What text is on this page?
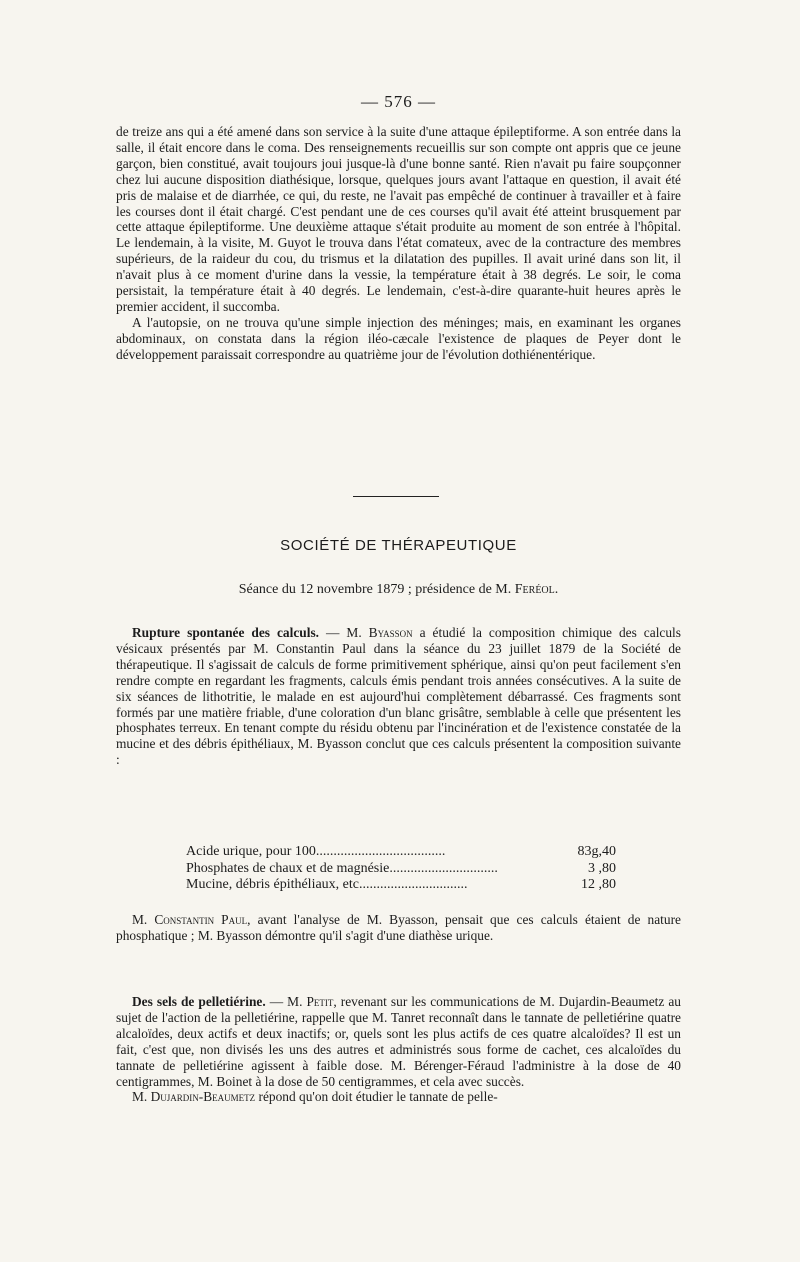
— 576 —

de treize ans qui a été amené dans son service à la suite d'une attaque épileptiforme. A son entrée dans la salle, il était encore dans le coma. Des renseignements recueillis sur son compte ont appris que ce jeune garçon, bien constitué, avait toujours joui jusque-là d'une bonne santé. Rien n'avait pu faire soupçonner chez lui aucune disposition diathésique, lorsque, quelques jours avant l'attaque en question, il avait été pris de malaise et de diarrhée, ce qui, du reste, ne l'avait pas empêché de continuer à travailler et à faire les courses dont il était chargé. C'est pendant une de ces courses qu'il avait été atteint brusquement par cette attaque épileptiforme. Une deuxième attaque s'était produite au moment de son entrée à l'hôpital. Le lendemain, à la visite, M. Guyot le trouva dans l'état comateux, avec de la contracture des membres supérieurs, de la raideur du cou, du trismus et la dilatation des pupilles. Il avait uriné dans son lit, il n'avait plus à ce moment d'urine dans la vessie, la température était à 38 degrés. Le soir, le coma persistait, la température était à 40 degrés. Le lendemain, c'est-à-dire quarante-huit heures après le premier accident, il succomba.

A l'autopsie, on ne trouva qu'une simple injection des méninges; mais, en examinant les organes abdominaux, on constata dans la région iléo-cæcale l'existence de plaques de Peyer dont le développement paraissait correspondre au quatrième jour de l'évolution dothiénentérique.

SOCIÉTÉ DE THÉRAPEUTIQUE
Séance du 12 novembre 1879 ; présidence de M. Feréol.

Rupture spontanée des calculs. — M. Byasson a étudié la composition chimique des calculs vésicaux présentés par M. Constantin Paul dans la séance du 23 juillet 1879 de la Société de thérapeutique. Il s'agissait de calculs de forme primitivement sphérique, ainsi qu'on peut facilement s'en rendre compte en regardant les fragments, calculs émis pendant trois années consécutives. A la suite de six séances de lithotritie, le malade en est aujourd'hui complètement débarrassé. Ces fragments sont formés par une matière friable, d'une coloration d'un blanc grisâtre, semblable à celle que présentent les phosphates terreux. En tenant compte du résidu obtenu par l'incinération et de l'existence constatée de la mucine et des débris épithéliaux, M. Byasson conclut que ces calculs présentent la composition suivante :

Acide urique, pour 100.....................................	83g,40
Phosphates de chaux et de magnésie...............................	3 ,80
Mucine, débris épithéliaux, etc...............................	12 ,80

M. Constantin Paul, avant l'analyse de M. Byasson, pensait que ces calculs étaient de nature phosphatique ; M. Byasson démontre qu'il s'agit d'une diathèse urique.

Des sels de pelletiérine. — M. Petit, revenant sur les communications de M. Dujardin-Beaumetz au sujet de l'action de la pelletiérine, rappelle que M. Tanret reconnaît dans le tannate de pelletiérine quatre alcaloïdes, deux actifs et deux inactifs; or, quels sont les plus actifs de ces quatre alcaloïdes? Il est un fait, c'est que, non divisés les uns des autres et administrés sous forme de cachet, ces alcaloïdes du tannate de pelletiérine agissent à faible dose. M. Bérenger-Féraud l'administre à la dose de 40 centigrammes, M. Boinet à la dose de 50 centigrammes, et cela avec succès.

M. Dujardin-Beaumetz répond qu'on doit étudier le tannate de pelle-
